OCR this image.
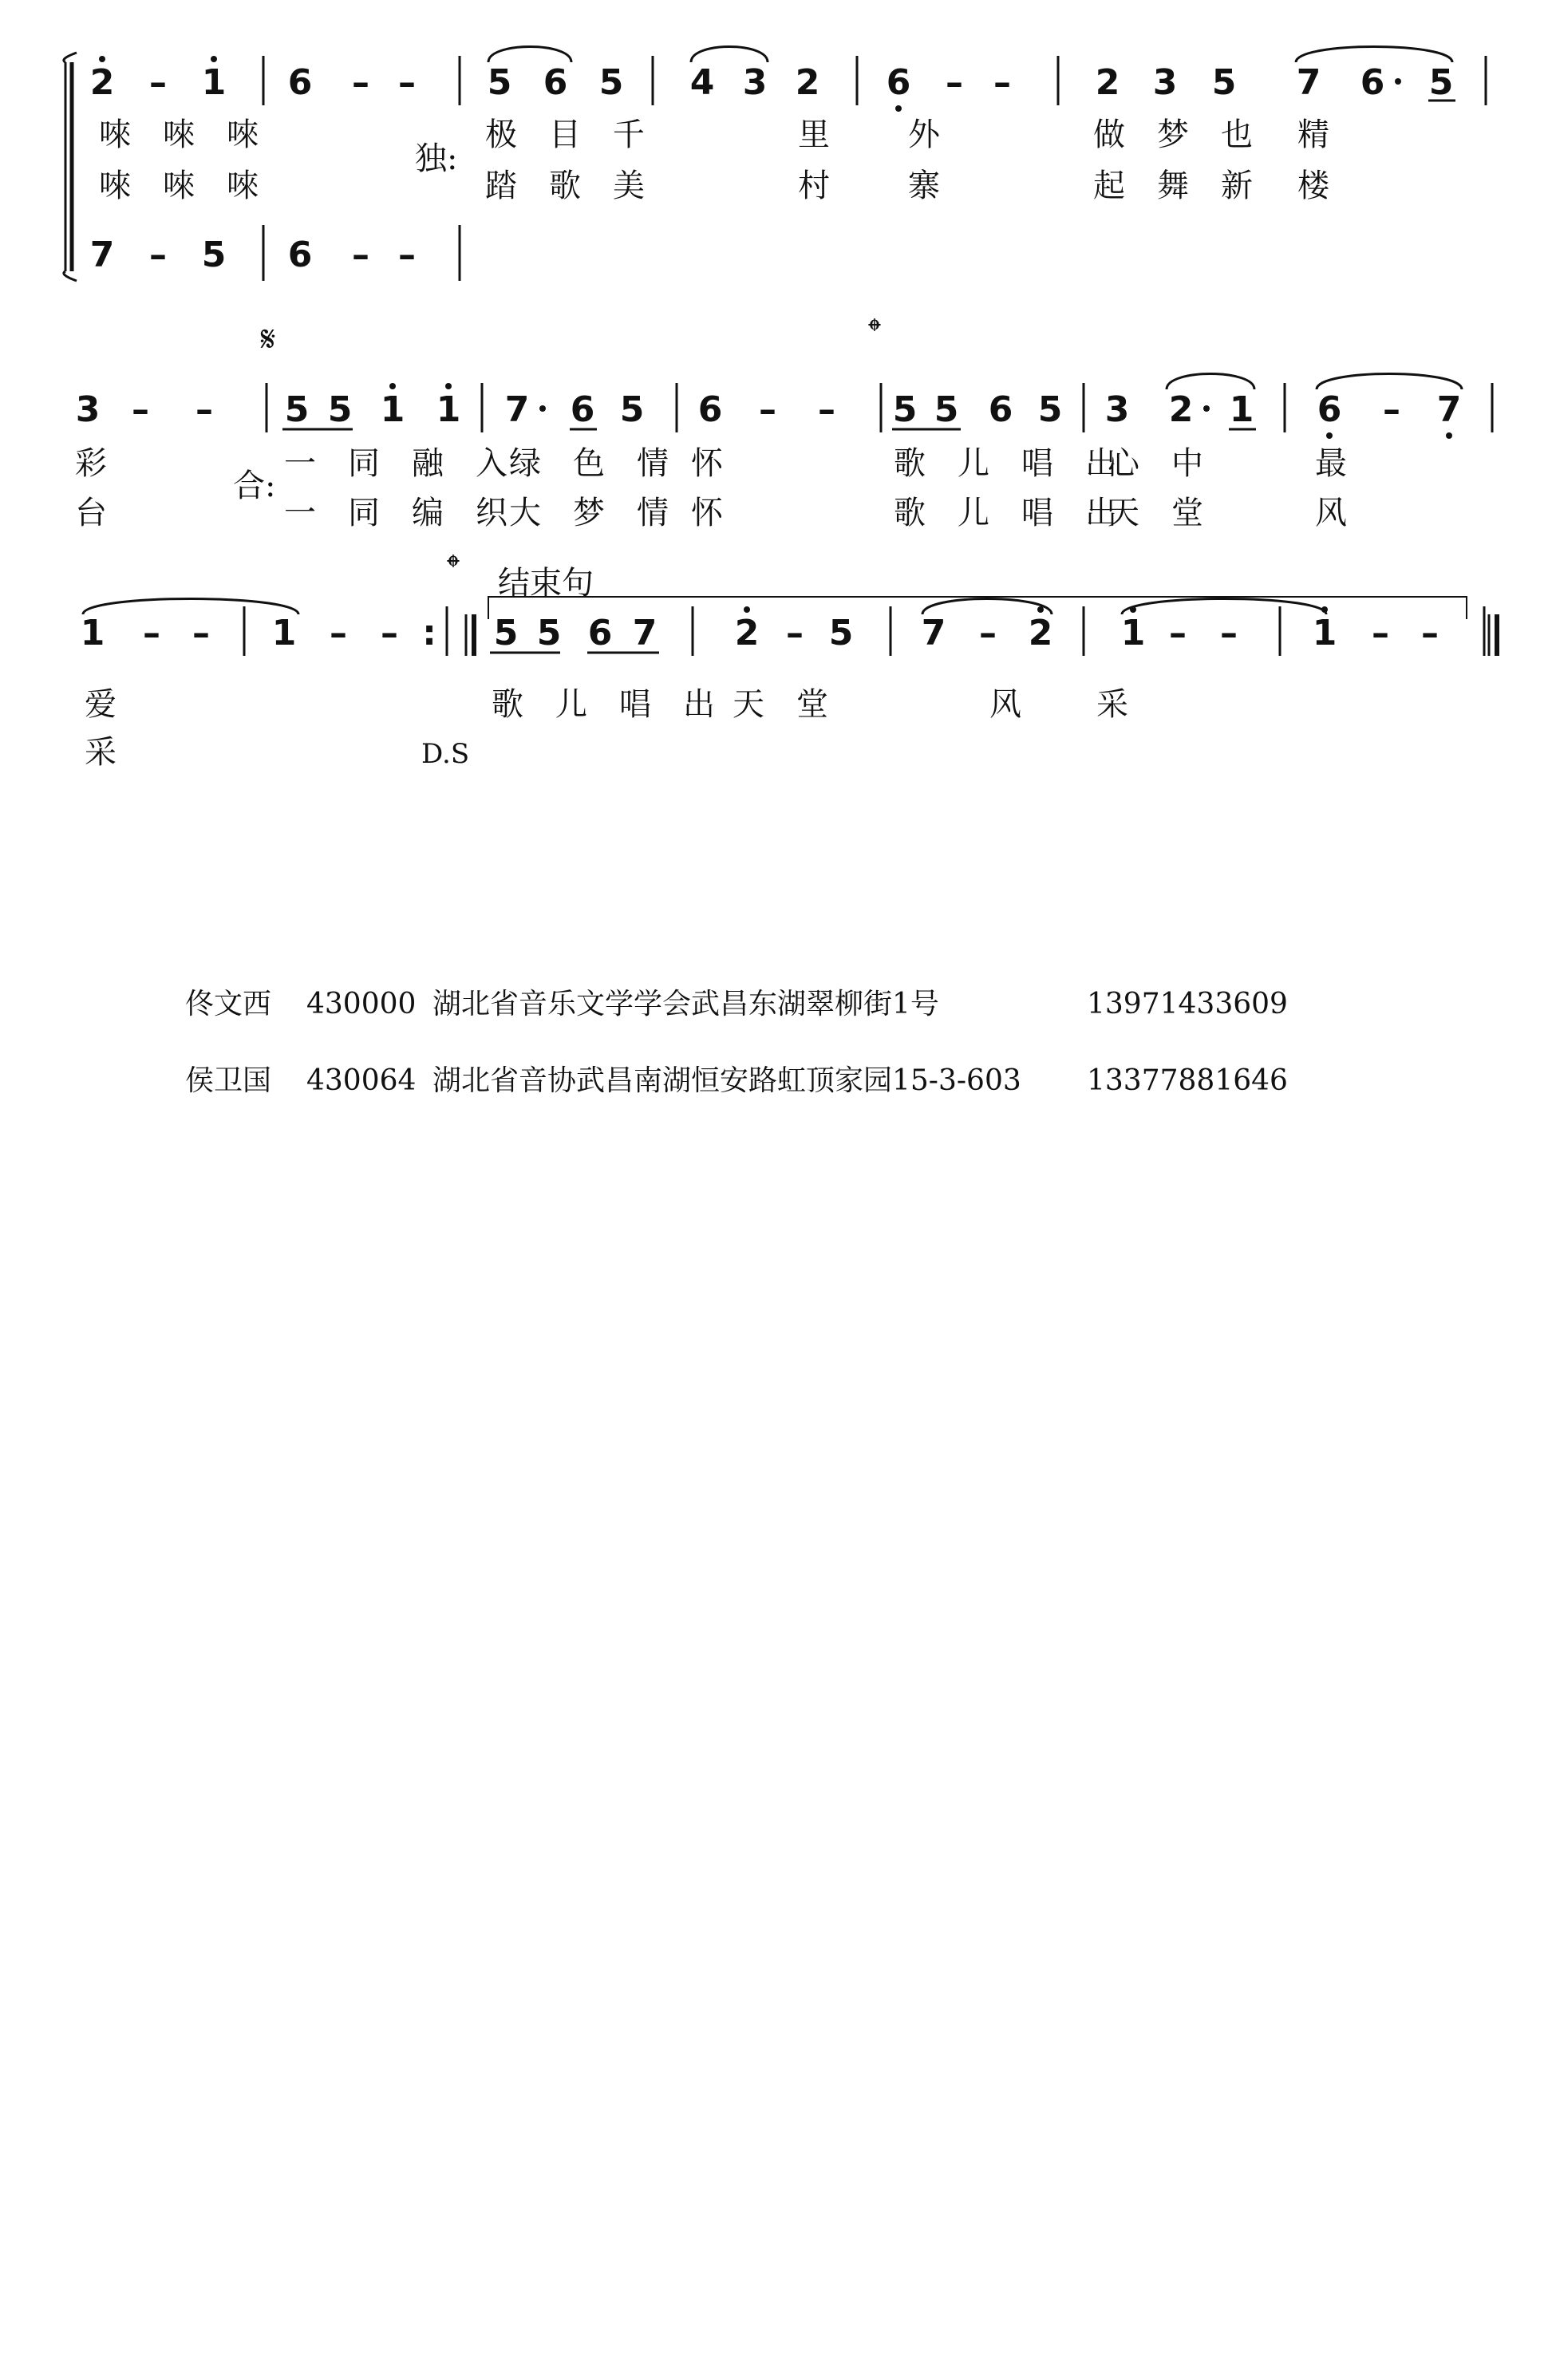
2 – 1
唻 唻 唻
唻 唻 唻
6 – – 5 6 5
极 目 千
踏 歌 美
4 3 2
里
村
6 – –
外
寨
2 3 5
做 梦 也
起 舞 新
7 6 5
精
楼
3 – –
彩
台
5 5 1 1
一 同 融 入
一 同 编 织
7 6 5
绿 色 情
大 梦 情
6 – –
怀
怀
5 5 6 5
歌 儿 唱 出
歌 儿 唱 出
3 2 1
心 中
天 堂
6 – 7
最
风
1 – –
爱
采
1 – – :
D.S
5 5 6 7
歌 儿 唱 出
2 – 5
天 堂
7 – 2
风
1 – –
采
1 – –
7 – 5 6 – –
独:
𝄋	𝄌
合:
𝄌 结束句
佟文西	430000 湖北省音乐文学学会武昌东湖翠柳街1号	13971433609
侯卫国	430064 湖北省音协武昌南湖恒安路虹顶家园15-3-603	13377881646
